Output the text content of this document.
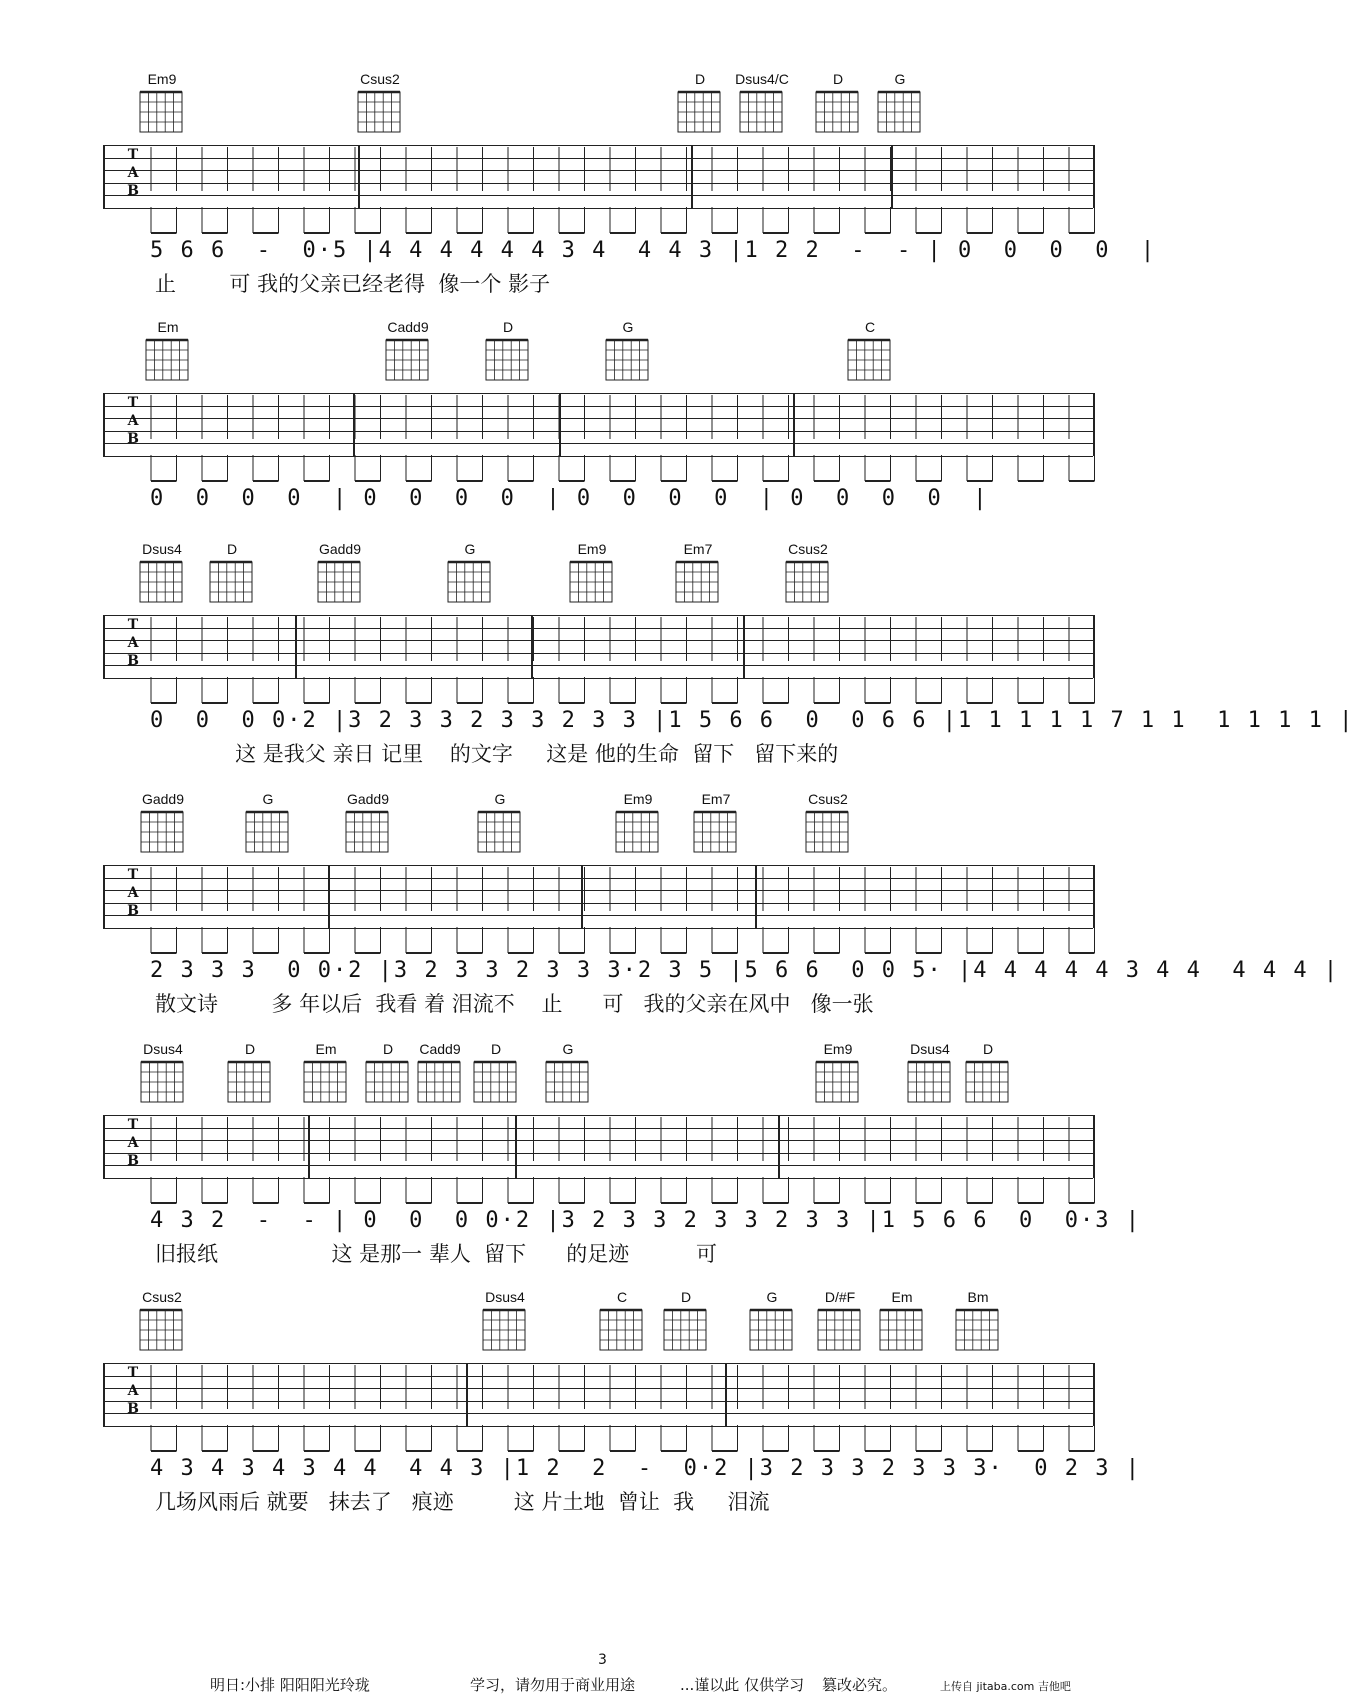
Em9	Csus2	D	Dsus4/C	D	G
T
A
B
5 6 6  -  0·5 |4 4 4 4 4 4 3 4  4 4 3 |1 2 2  -  - | 0  0  0  0  |
止        可 我的父亲已经老得  像一个 影子
Em	Cadd9	D	G	C
T
A
B
0  0  0  0  | 0  0  0  0  | 0  0  0  0  | 0  0  0  0  |
Dsus4	D	Gadd9	G	Em9	Em7	Csus2
T
A
B
0  0  0 0·2 |3 2 3 3 2 3 3 2 3 3 |1 5 6 6  0  0 6 6 |1 1 1 1 1 7 1 1  1 1 1 1 |
这 是我父 亲日 记里    的文字     这是 他的生命  留下   留下来的
Gadd9	G	Gadd9	G	Em9	Em7	Csus2
T
A
B
2 3 3 3  0 0·2 |3 2 3 3 2 3 3 3·2 3 5 |5 6 6  0 0 5· |4 4 4 4 4 3 4 4  4 4 4 |
散文诗        多 年以后  我看 着 泪流不    止      可   我的父亲在风中   像一张
Dsus4	D	Em	D	Cadd9	D	G	Em9	Dsus4	D
T
A
B
4 3 2  -  - | 0  0  0 0·2 |3 2 3 3 2 3 3 2 3 3 |1 5 6 6  0  0·3 |
旧报纸                 这 是那一 辈人  留下      的足迹          可
Csus2	Dsus4	C	D	G	D/#F	Em	Bm
T
A
B
4 3 4 3 4 3 4 4  4 4 3 |1 2  2  -  0·2 |3 2 3 3 2 3 3 3·  0 2 3 |
几场风雨后 就要   抹去了   痕迹         这 片土地  曾让  我     泪流
3
明日:小排 阳阳阳光玲珑	学习，请勿用于商业用途	...谨以此 仅供学习 篡改必究。	上传自 jitaba.com 吉他吧
